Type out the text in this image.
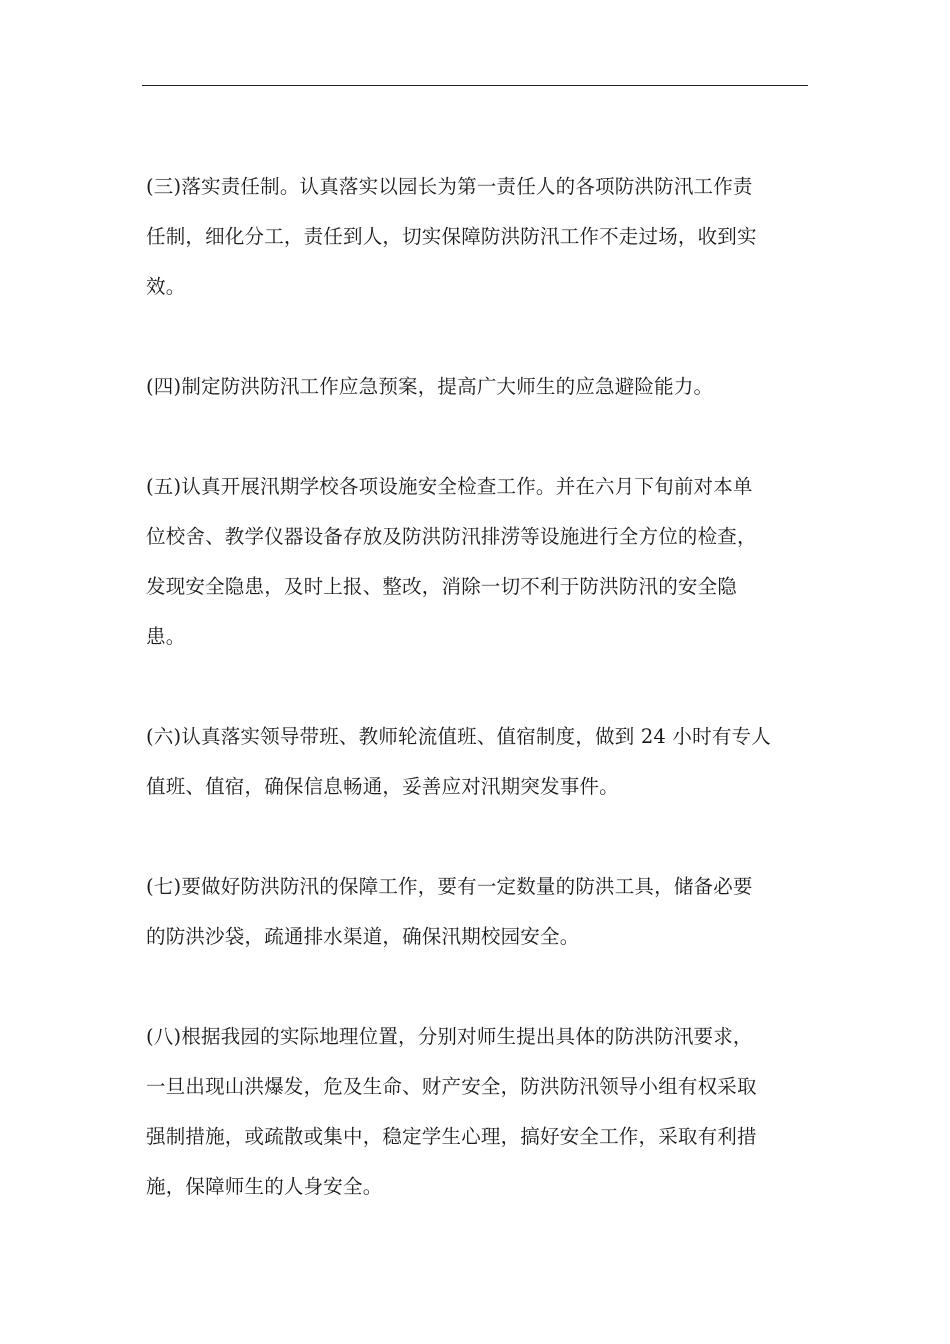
(三)落实责任制。认真落实以园长为第一责任人的各项防洪防汛工作责
任制，细化分工，责任到人，切实保障防洪防汛工作不走过场，收到实
效。

(四)制定防洪防汛工作应急预案，提高广大师生的应急避险能力。

(五)认真开展汛期学校各项设施安全检查工作。并在六月下旬前对本单
位校舍、教学仪器设备存放及防洪防汛排涝等设施进行全方位的检查，
发现安全隐患，及时上报、整改，消除一切不利于防洪防汛的安全隐
患。

(六)认真落实领导带班、教师轮流值班、值宿制度，做到 24 小时有专人
值班、值宿，确保信息畅通，妥善应对汛期突发事件。

(七)要做好防洪防汛的保障工作，要有一定数量的防洪工具，储备必要
的防洪沙袋，疏通排水渠道，确保汛期校园安全。

(八)根据我园的实际地理位置，分别对师生提出具体的防洪防汛要求，
一旦出现山洪爆发，危及生命、财产安全，防洪防汛领导小组有权采取
强制措施，或疏散或集中，稳定学生心理，搞好安全工作，采取有利措
施，保障师生的人身安全。
